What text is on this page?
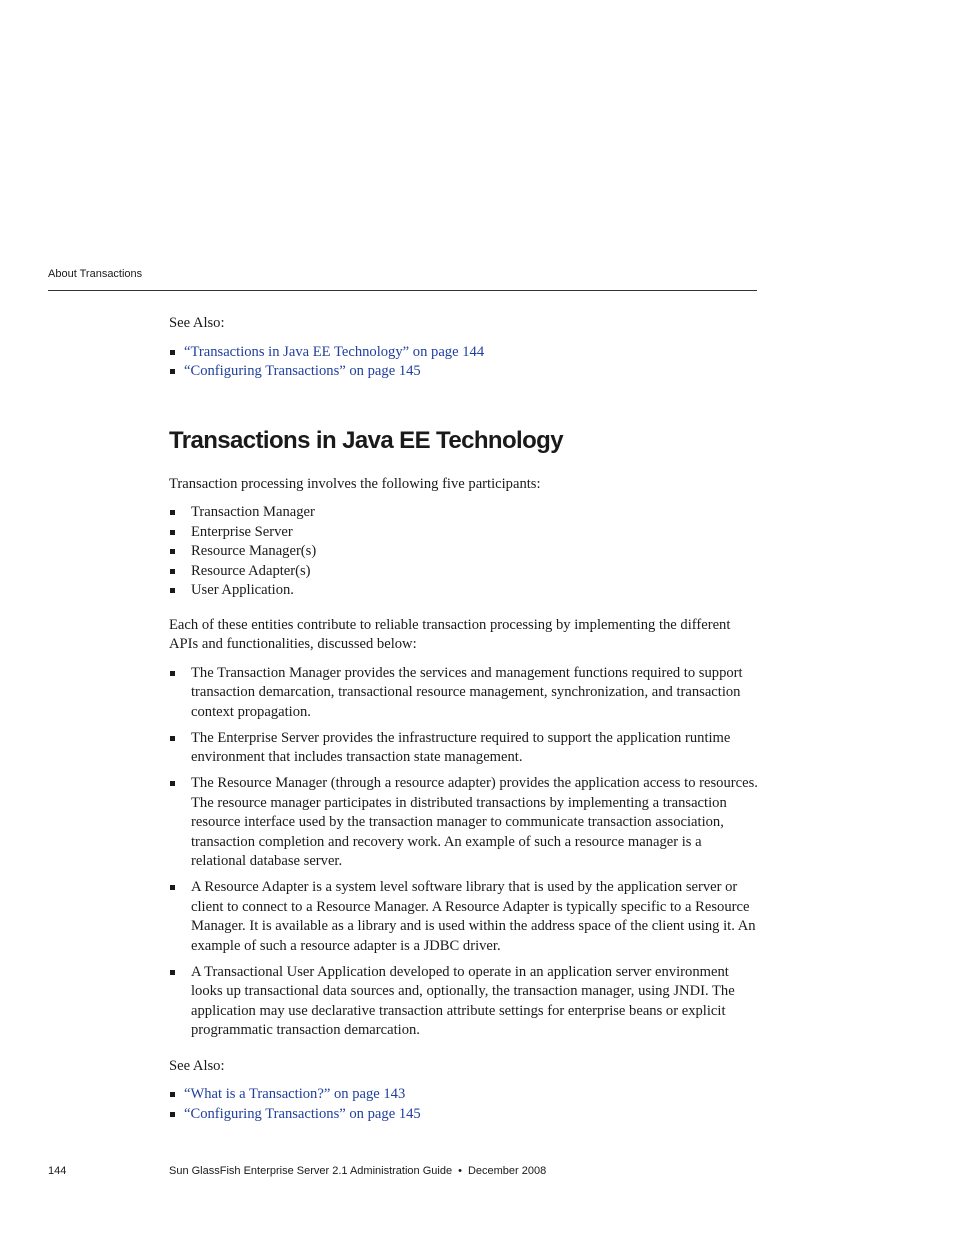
About Transactions

See Also:

“Transactions in Java EE Technology” on page 144
“Configuring Transactions” on page 145
Transactions in Java EE Technology

Transaction processing involves the following five participants:

Transaction Manager
Enterprise Server
Resource Manager(s)
Resource Adapter(s)
User Application.

Each of these entities contribute to reliable transaction processing by implementing the different APIs and functionalities, discussed below:

The Transaction Manager provides the services and management functions required to support transaction demarcation, transactional resource management, synchronization, and transaction context propagation.
The Enterprise Server provides the infrastructure required to support the application runtime environment that includes transaction state management.
The Resource Manager (through a resource adapter) provides the application access to resources. The resource manager participates in distributed transactions by implementing a transaction resource interface used by the transaction manager to communicate transaction association, transaction completion and recovery work. An example of such a resource manager is a relational database server.
A Resource Adapter is a system level software library that is used by the application server or client to connect to a Resource Manager. A Resource Adapter is typically specific to a Resource Manager. It is available as a library and is used within the address space of the client using it. An example of such a resource adapter is a JDBC driver.
A Transactional User Application developed to operate in an application server environment looks up transactional data sources and, optionally, the transaction manager, using JNDI. The application may use declarative transaction attribute settings for enterprise beans or explicit programmatic transaction demarcation.

See Also:

“What is a Transaction?” on page 143
“Configuring Transactions” on page 145
144	Sun GlassFish Enterprise Server 2.1 Administration Guide • December 2008
